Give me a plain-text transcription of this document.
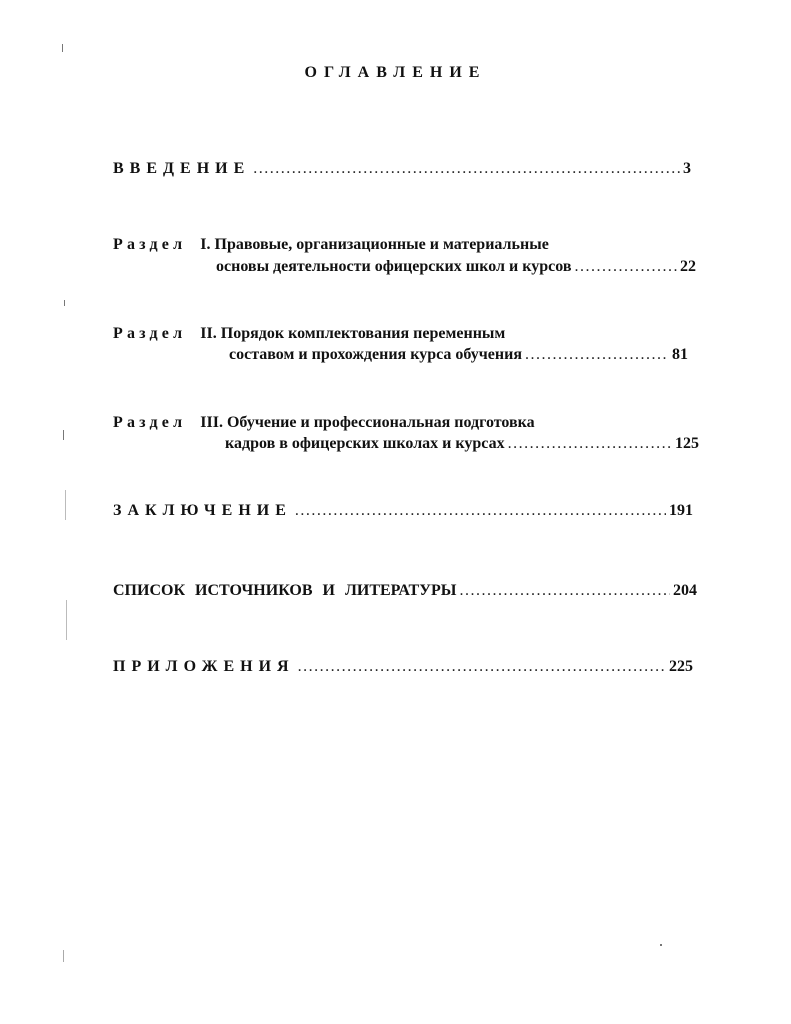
ОГЛАВЛЕНИЕ
ВВЕДЕНИЕ .....	3
Раздел I. Правовые, организационные и материальные
основы деятельности офицерских школ и курсов .....	22
Раздел II. Порядок комплектования переменным
составом и прохождения курса обучения .....	81
Раздел III. Обучение и профессиональная подготовка
кадров в офицерских школах и курсах .....	125
ЗАКЛЮЧЕНИЕ .....	191
СПИСОК ИСТОЧНИКОВ И ЛИТЕРАТУРЫ .....	204
ПРИЛОЖЕНИЯ .....	225
